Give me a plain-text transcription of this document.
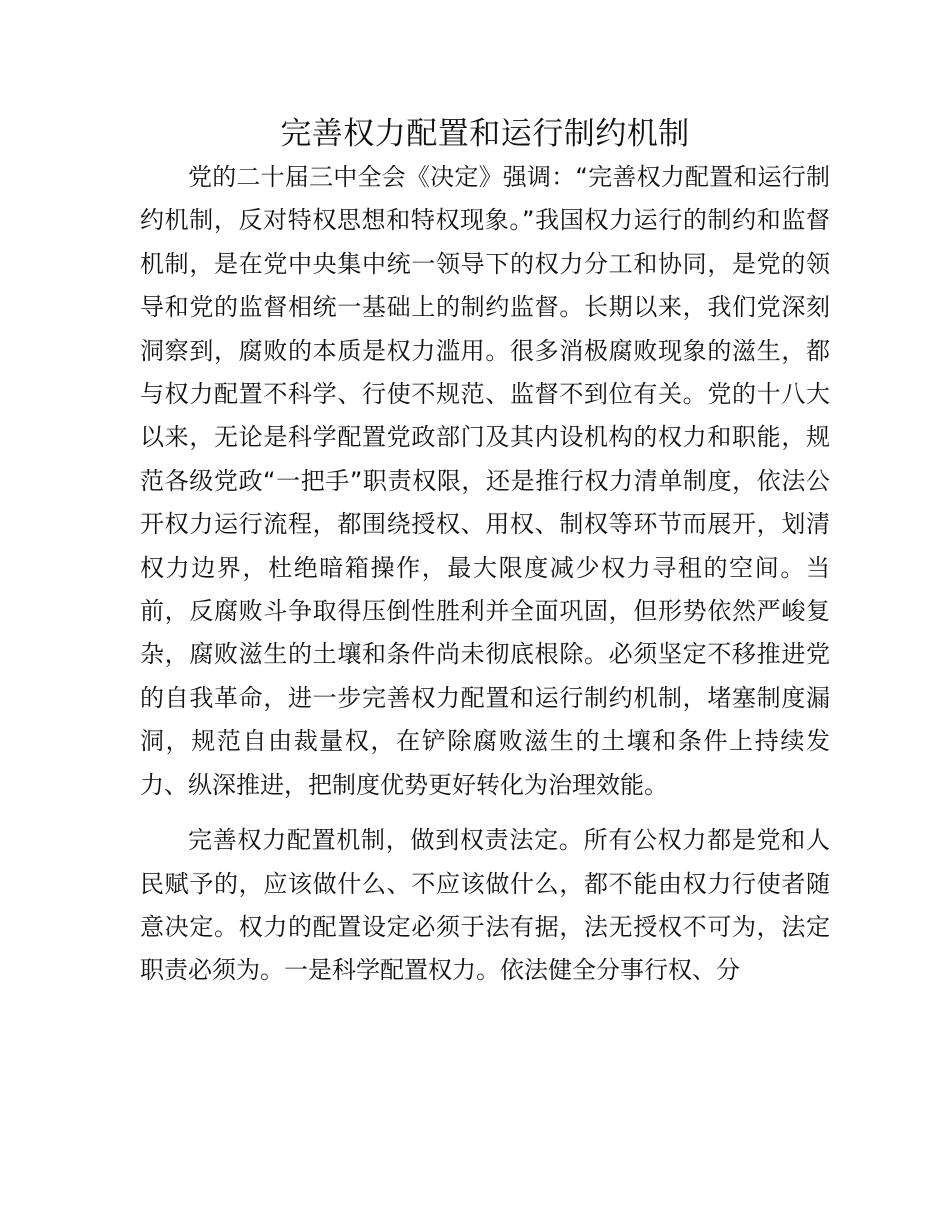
完善权力配置和运行制约机制

党的二十届三中全会《决定》强调：“完善权力配置和运行制约机制，反对特权思想和特权现象。”我国权力运行的制约和监督机制，是在党中央集中统一领导下的权力分工和协同，是党的领导和党的监督相统一基础上的制约监督。长期以来，我们党深刻洞察到，腐败的本质是权力滥用。很多消极腐败现象的滋生，都与权力配置不科学、行使不规范、监督不到位有关。党的十八大以来，无论是科学配置党政部门及其内设机构的权力和职能，规范各级党政“一把手”职责权限，还是推行权力清单制度，依法公开权力运行流程，都围绕授权、用权、制权等环节而展开，划清权力边界，杜绝暗箱操作，最大限度减少权力寻租的空间。当前，反腐败斗争取得压倒性胜利并全面巩固，但形势依然严峻复杂，腐败滋生的土壤和条件尚未彻底根除。必须坚定不移推进党的自我革命，进一步完善权力配置和运行制约机制，堵塞制度漏洞，规范自由裁量权，在铲除腐败滋生的土壤和条件上持续发力、纵深推进，把制度优势更好转化为治理效能。

完善权力配置机制，做到权责法定。所有公权力都是党和人民赋予的，应该做什么、不应该做什么，都不能由权力行使者随意决定。权力的配置设定必须于法有据，法无授权不可为，法定职责必须为。一是科学配置权力。依法健全分事行权、分
